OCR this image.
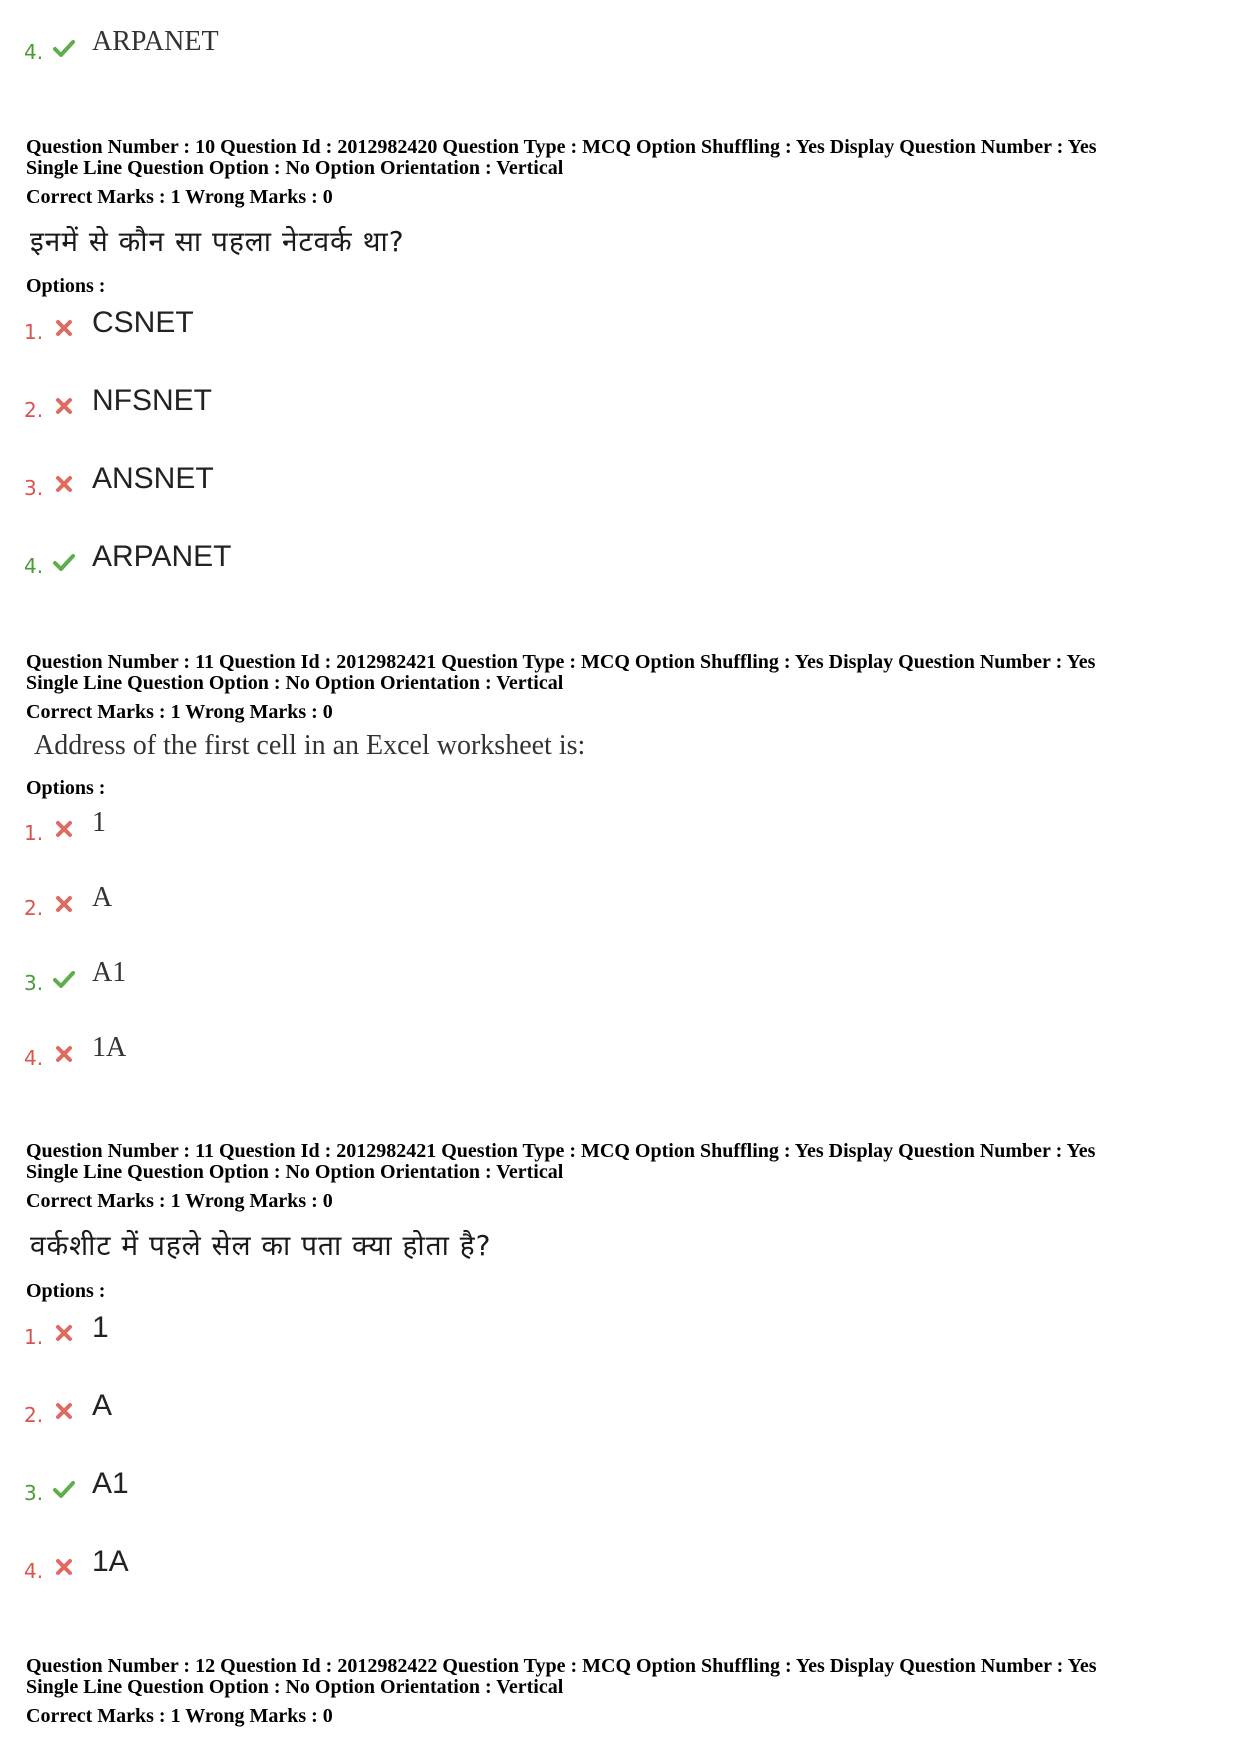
4. ARPANET
Question Number : 10 Question Id : 2012982420 Question Type : MCQ Option Shuffling : Yes Display Question Number : Yes
Single Line Question Option : No Option Orientation : Vertical
Correct Marks : 1 Wrong Marks : 0
इनमें से कौन सा पहला नेटवर्क था?
Options :
1. CSNET
2. NFSNET
3. ANSNET
4. ARPANET
Question Number : 11 Question Id : 2012982421 Question Type : MCQ Option Shuffling : Yes Display Question Number : Yes
Single Line Question Option : No Option Orientation : Vertical
Correct Marks : 1 Wrong Marks : 0
Address of the first cell in an Excel worksheet is:
Options :
1. 1
2. A
3. A1
4. 1A
Question Number : 11 Question Id : 2012982421 Question Type : MCQ Option Shuffling : Yes Display Question Number : Yes
Single Line Question Option : No Option Orientation : Vertical
Correct Marks : 1 Wrong Marks : 0
वर्कशीट में पहले सेल का पता क्या होता है?
Options :
1. 1
2. A
3. A1
4. 1A
Question Number : 12 Question Id : 2012982422 Question Type : MCQ Option Shuffling : Yes Display Question Number : Yes
Single Line Question Option : No Option Orientation : Vertical
Correct Marks : 1 Wrong Marks : 0
